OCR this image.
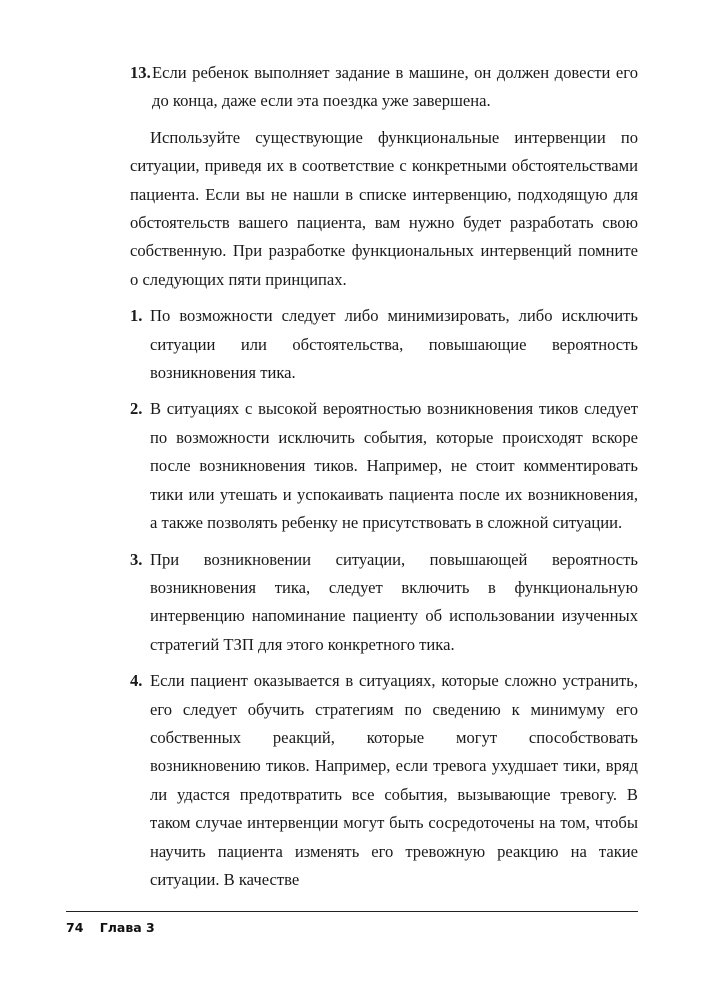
13. Если ребенок выполняет задание в машине, он должен довести его до конца, даже если эта поездка уже завершена.

Используйте существующие функциональные интервенции по ситуации, приведя их в соответствие с конкретными обстоятельствами пациента. Если вы не нашли в списке интервенцию, подходящую для обстоятельств вашего пациента, вам нужно будет разработать свою собственную. При разработке функциональных интервенций помните о следующих пяти принципах.

1. По возможности следует либо минимизировать, либо исключить ситуации или обстоятельства, повышающие вероятность возникновения тика.
2. В ситуациях с высокой вероятностью возникновения тиков следует по возможности исключить события, которые происходят вскоре после возникновения тиков. Например, не стоит комментировать тики или утешать и успокаивать пациента после их возникновения, а также позволять ребенку не присутствовать в сложной ситуации.
3. При возникновении ситуации, повышающей вероятность возникновения тика, следует включить в функциональную интервенцию напоминание пациенту об использовании изученных стратегий ТЗП для этого конкретного тика.
4. Если пациент оказывается в ситуациях, которые сложно устранить, его следует обучить стратегиям по сведению к минимуму его собственных реакций, которые могут способствовать возникновению тиков. Например, если тревога ухудшает тики, вряд ли удастся предотвратить все события, вызывающие тревогу. В таком случае интервенции могут быть сосредоточены на том, чтобы научить пациента изменять его тревожную реакцию на такие ситуации. В качестве
74 Глава 3
